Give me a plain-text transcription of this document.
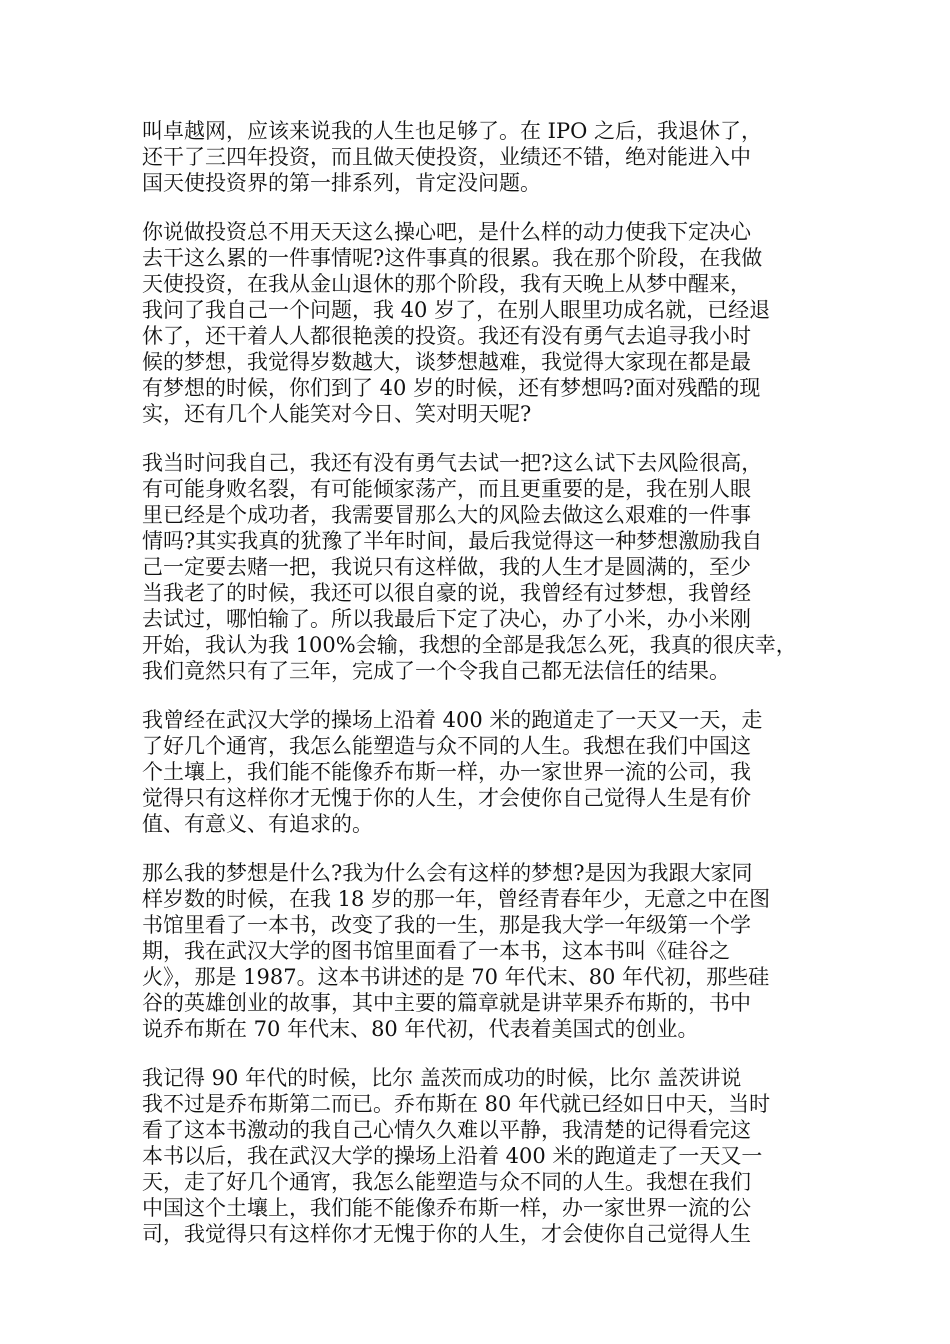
叫卓越网，应该来说我的人生也足够了。在 IPO 之后，我退休了，
还干了三四年投资，而且做天使投资，业绩还不错，绝对能进入中
国天使投资界的第一排系列，肯定没问题。
你说做投资总不用天天这么操心吧，是什么样的动力使我下定决心
去干这么累的一件事情呢?这件事真的很累。我在那个阶段，在我做
天使投资，在我从金山退休的那个阶段，我有天晚上从梦中醒来，
我问了我自己一个问题，我 40 岁了，在别人眼里功成名就，已经退
休了，还干着人人都很艳羡的投资。我还有没有勇气去追寻我小时
候的梦想，我觉得岁数越大，谈梦想越难，我觉得大家现在都是最
有梦想的时候，你们到了 40 岁的时候，还有梦想吗?面对残酷的现
实，还有几个人能笑对今日、笑对明天呢?
我当时问我自己，我还有没有勇气去试一把?这么试下去风险很高，
有可能身败名裂，有可能倾家荡产，而且更重要的是，我在别人眼
里已经是个成功者，我需要冒那么大的风险去做这么艰难的一件事
情吗?其实我真的犹豫了半年时间，最后我觉得这一种梦想激励我自
己一定要去赌一把，我说只有这样做，我的人生才是圆满的，至少
当我老了的时候，我还可以很自豪的说，我曾经有过梦想，我曾经
去试过，哪怕输了。所以我最后下定了决心，办了小米，办小米刚
开始，我认为我 100%会输，我想的全部是我怎么死，我真的很庆幸，
我们竟然只有了三年，完成了一个令我自己都无法信任的结果。
我曾经在武汉大学的操场上沿着 400 米的跑道走了一天又一天，走
了好几个通宵，我怎么能塑造与众不同的人生。我想在我们中国这
个土壤上，我们能不能像乔布斯一样，办一家世界一流的公司，我
觉得只有这样你才无愧于你的人生，才会使你自己觉得人生是有价
值、有意义、有追求的。
那么我的梦想是什么?我为什么会有这样的梦想?是因为我跟大家同
样岁数的时候，在我 18 岁的那一年，曾经青春年少，无意之中在图
书馆里看了一本书，改变了我的一生，那是我大学一年级第一个学
期，我在武汉大学的图书馆里面看了一本书，这本书叫《硅谷之
火》，那是 1987。这本书讲述的是 70 年代末、80 年代初，那些硅
谷的英雄创业的故事，其中主要的篇章就是讲苹果乔布斯的，书中
说乔布斯在 70 年代末、80 年代初，代表着美国式的创业。
我记得 90 年代的时候，比尔 盖茨而成功的时候，比尔 盖茨讲说
我不过是乔布斯第二而已。乔布斯在 80 年代就已经如日中天，当时
看了这本书激动的我自己心情久久难以平静，我清楚的记得看完这
本书以后，我在武汉大学的操场上沿着 400 米的跑道走了一天又一
天，走了好几个通宵，我怎么能塑造与众不同的人生。我想在我们
中国这个土壤上，我们能不能像乔布斯一样，办一家世界一流的公
司，我觉得只有这样你才无愧于你的人生，才会使你自己觉得人生
